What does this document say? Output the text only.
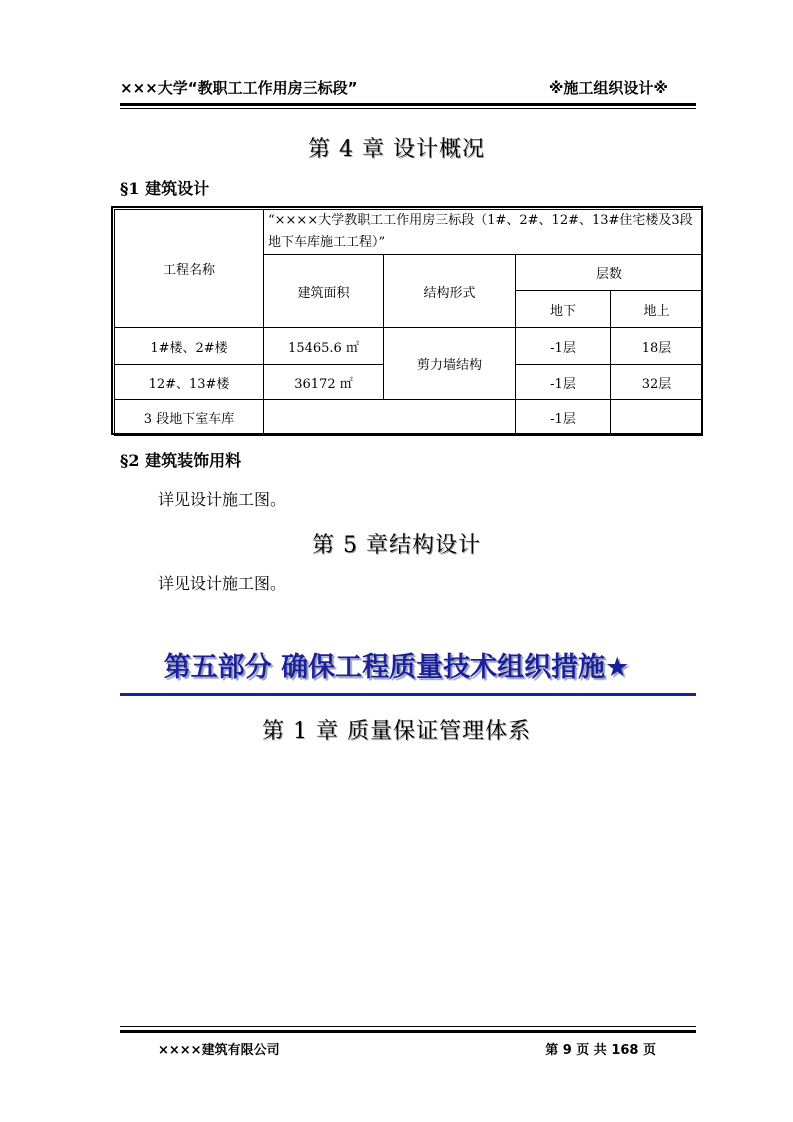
×××大学“教职工工作用房三标段”	※施工组织设计※
第 4 章 设计概况
§1 建筑设计
工程名称	“××××大学教职工工作用房三标段（1#、2#、12#、13#住宅楼及3段地下车库施工工程）”			
	建筑面积	结构形式	层数	
			地下	地上
1#楼、2#楼	15465.6 ㎡	剪力墙结构	-1层	18层
12#、13#楼	36172 ㎡		-1层	32层
3 段地下室车库			-1层	
§2 建筑装饰用料
详见设计施工图。
第 5 章结构设计
详见设计施工图。
第五部分 确保工程质量技术组织措施★
第 1 章 质量保证管理体系
××××建筑有限公司	第 9 页 共 168 页
